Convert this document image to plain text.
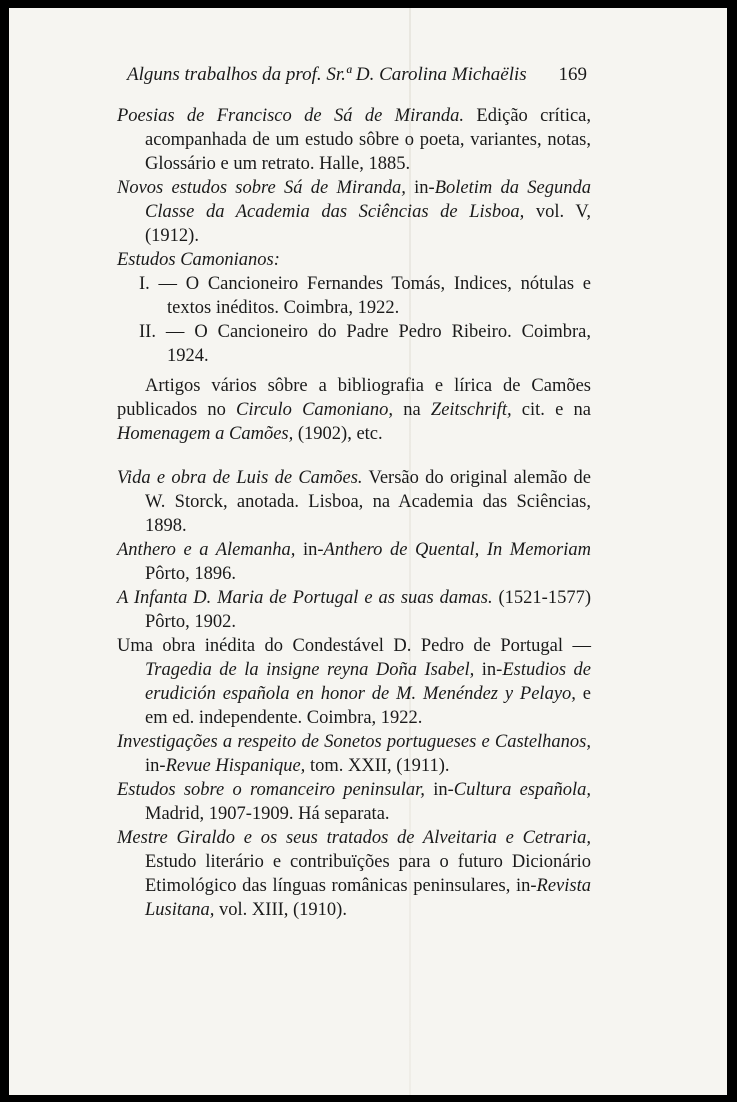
Alguns trabalhos da prof. Sr.ª D. Carolina Michaëlis 169

Poesias de Francisco de Sá de Miranda. Edição crítica, acompanhada de um estudo sôbre o poeta, variantes, notas, Glossário e um retrato. Halle, 1885.

Novos estudos sobre Sá de Miranda, in-Boletim da Segunda Classe da Academia das Sciências de Lisboa, vol. V, (1912).

Estudos Camonianos:

I. — O Cancioneiro Fernandes Tomás, Indices, nótulas e textos inéditos. Coimbra, 1922.

II. — O Cancioneiro do Padre Pedro Ribeiro. Coimbra, 1924.

Artigos vários sôbre a bibliografia e lírica de Camões publicados no Circulo Camoniano, na Zeitschrift, cit. e na Homenagem a Camões, (1902), etc.

Vida e obra de Luis de Camões. Versão do original alemão de W. Storck, anotada. Lisboa, na Academia das Sciências, 1898.

Anthero e a Alemanha, in-Anthero de Quental, In Memoriam Pôrto, 1896.

A Infanta D. Maria de Portugal e as suas damas. (1521-1577) Pôrto, 1902.

Uma obra inédita do Condestável D. Pedro de Portugal — Tragedia de la insigne reyna Doña Isabel, in-Estudios de erudición española en honor de M. Menéndez y Pelayo, e em ed. independente. Coimbra, 1922.

Investigações a respeito de Sonetos portugueses e Castelhanos, in-Revue Hispanique, tom. XXII, (1911).

Estudos sobre o romanceiro peninsular, in-Cultura española, Madrid, 1907-1909. Há separata.

Mestre Giraldo e os seus tratados de Alveitaria e Cetraria, Estudo literário e contribuïções para o futuro Dicionário Etimológico das línguas românicas peninsulares, in-Revista Lusitana, vol. XIII, (1910).
